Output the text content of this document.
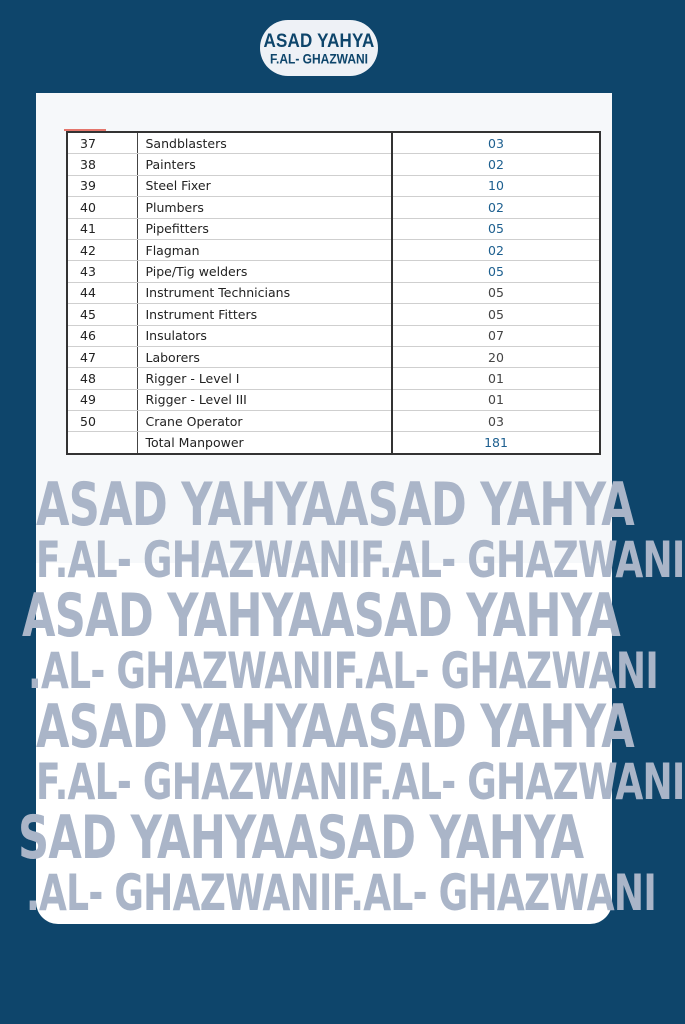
ASAD YAHYA
F.AL- GHAZWANI
37	Sandblasters	03
38	Painters	02
39	Steel Fixer	10
40	Plumbers	02
41	Pipefitters	05
42	Flagman	02
43	Pipe/Tig welders	05
44	Instrument Technicians	05
45	Instrument Fitters	05
46	Insulators	07
47	Laborers	20
48	Rigger - Level I	01
49	Rigger - Level III	01
50	Crane Operator	03
	Total Manpower	181
ASAD YAHYAASAD YAHYA
F.AL- GHAZWANIF.AL- GHAZWANI
ASAD YAHYAASAD YAHYA
.AL- GHAZWANIF.AL- GHAZWANI
ASAD YAHYAASAD YAHYA
F.AL- GHAZWANIF.AL- GHAZWANI
SAD YAHYAASAD YAHYA
.AL- GHAZWANIF.AL- GHAZWANI
